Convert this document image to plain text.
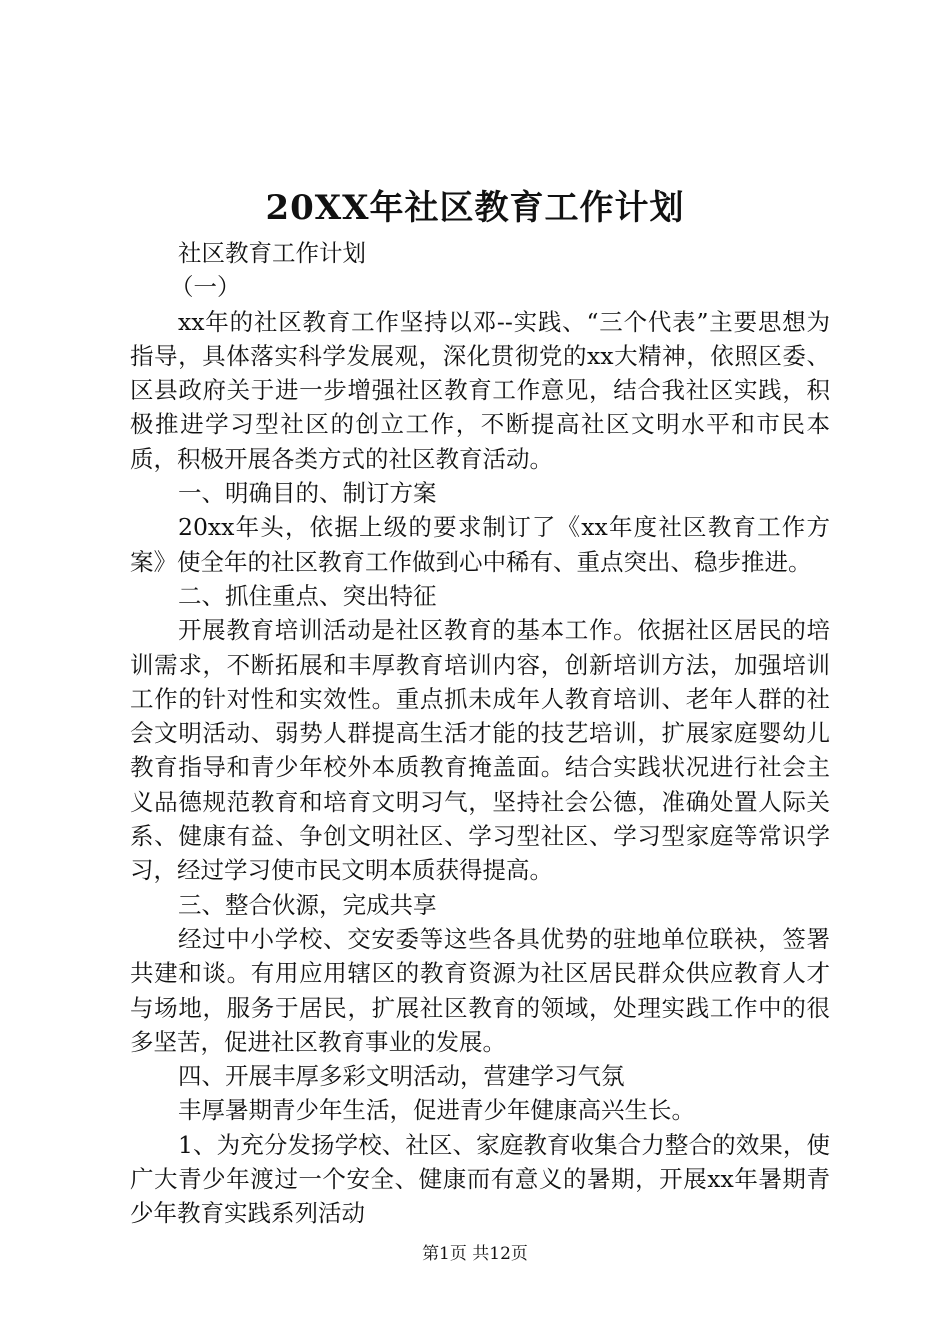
20XX年社区教育工作计划

社区教育工作计划

（一）

xx年的社区教育工作坚持以邓--实践、“三个代表”主要思想为指导，具体落实科学发展观，深化贯彻党的xx大精神，依照区委、区县政府关于进一步增强社区教育工作意见，结合我社区实践，积极推进学习型社区的创立工作，不断提高社区文明水平和市民本质，积极开展各类方式的社区教育活动。

一、明确目的、制订方案

20xx年头，依据上级的要求制订了《xx年度社区教育工作方案》使全年的社区教育工作做到心中稀有、重点突出、稳步推进。

二、抓住重点、突出特征

开展教育培训活动是社区教育的基本工作。依据社区居民的培训需求，不断拓展和丰厚教育培训内容，创新培训方法，加强培训工作的针对性和实效性。重点抓未成年人教育培训、老年人群的社会文明活动、弱势人群提高生活才能的技艺培训，扩展家庭婴幼儿教育指导和青少年校外本质教育掩盖面。结合实践状况进行社会主义品德规范教育和培育文明习气，坚持社会公德，准确处置人际关系、健康有益、争创文明社区、学习型社区、学习型家庭等常识学习，经过学习使市民文明本质获得提高。

三、整合伙源，完成共享

经过中小学校、交安委等这些各具优势的驻地单位联袂，签署共建和谈。有用应用辖区的教育资源为社区居民群众供应教育人才与场地，服务于居民，扩展社区教育的领域，处理实践工作中的很多坚苦，促进社区教育事业的发展。

四、开展丰厚多彩文明活动，营建学习气氛

丰厚暑期青少年生活，促进青少年健康高兴生长。

1、为充分发扬学校、社区、家庭教育收集合力整合的效果，使广大青少年渡过一个安全、健康而有意义的暑期，开展xx年暑期青少年教育实践系列活动

第1页 共12页
